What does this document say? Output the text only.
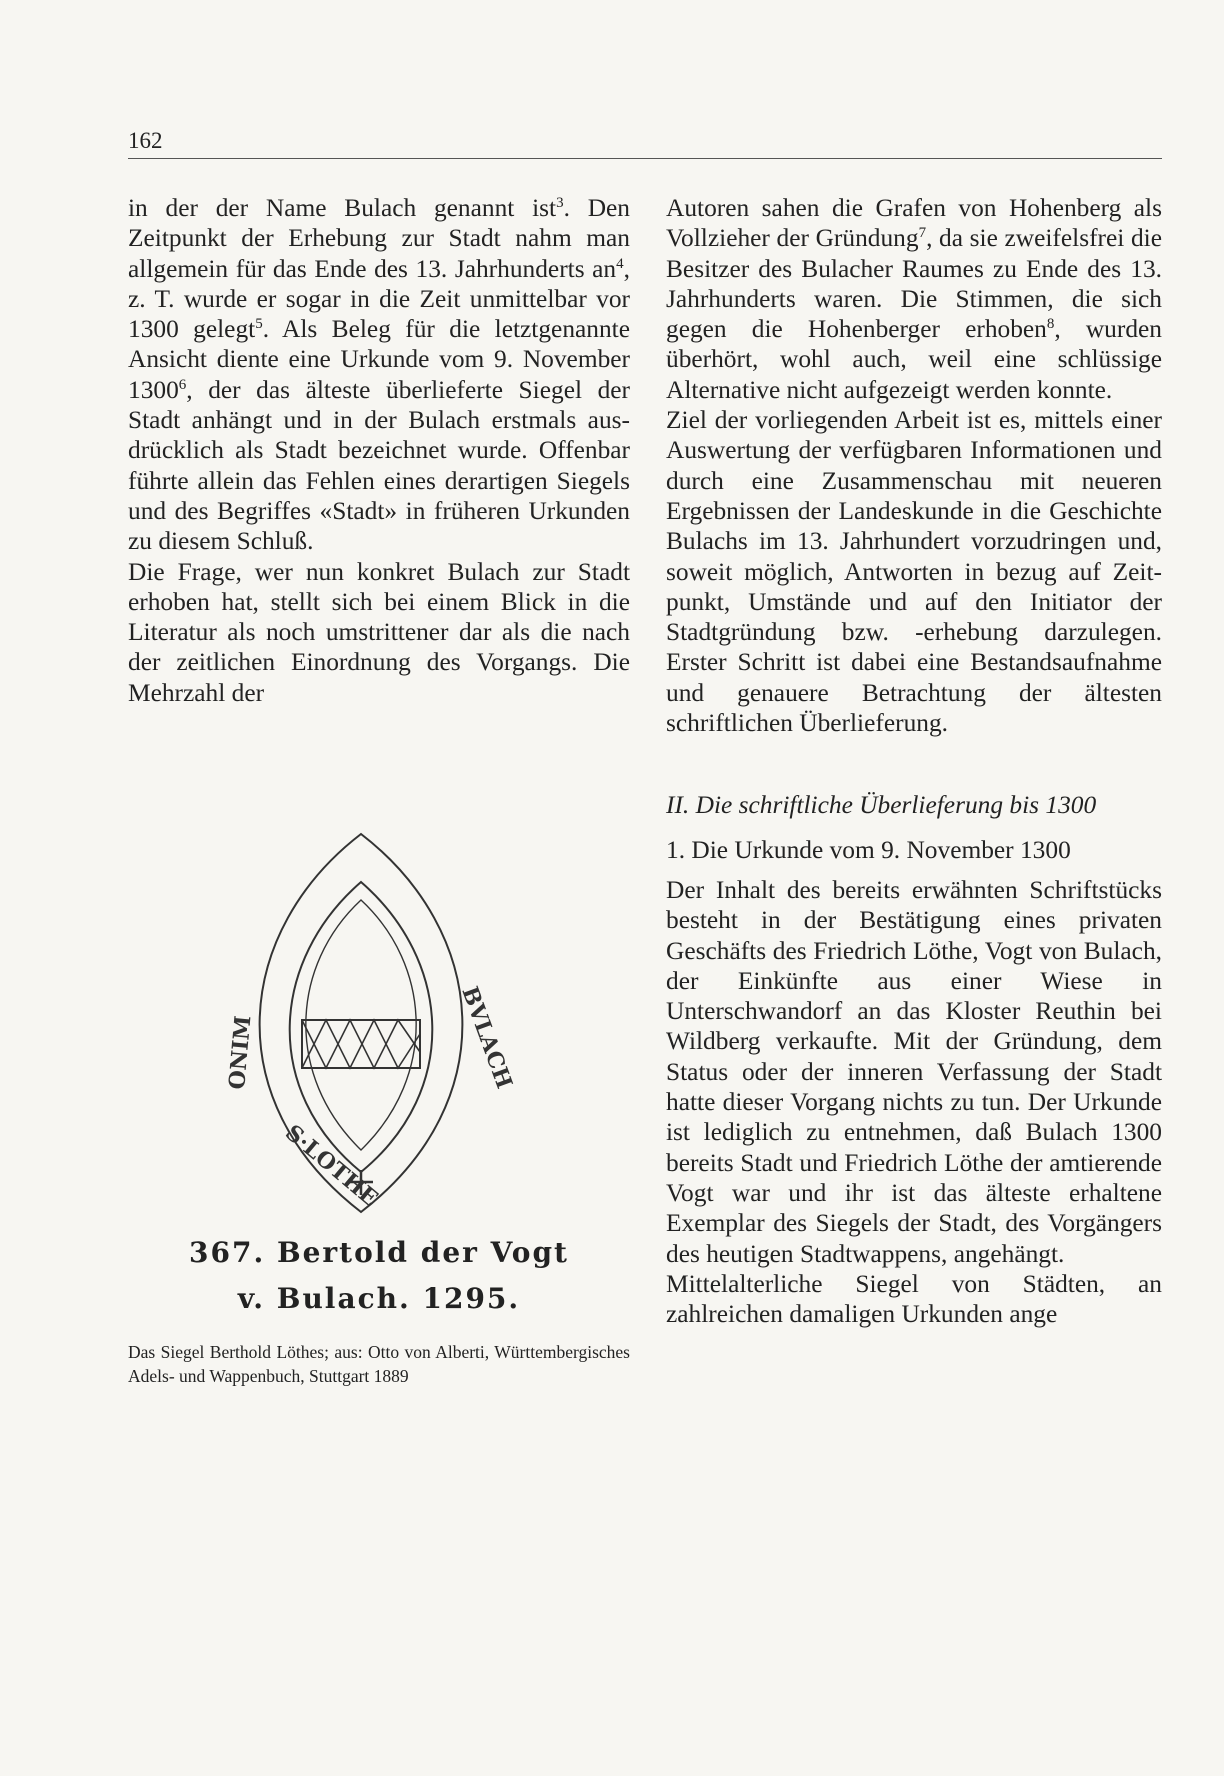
162

in der der Name Bulach genannt ist$^3$. Den Zeitpunkt der Erhebung zur Stadt nahm man allgemein für das Ende des 13. Jahrhunderts $an^4$, z. T. wurde er sogar in die Zeit unmittelbar vor 1300 gelegt$^5$. Als Beleg für die letztgenannte Ansicht diente eine Urkunde vom 9. November 1300$^6$, der das älteste überlieferte Siegel der Stadt anhängt und in der Bulach erstmals ausdrücklich als Stadt bezeichnet wurde. Offenbar führte allein das Fehlen eines derartigen Siegels und des Begriffes «Stadt» in früheren Urkunden zu diesem Schluß.

Die Frage, wer nun konkret Bulach zur Stadt erhoben hat, stellt sich bei einem Blick in die Literatur als noch umstrittener dar als die nach der zeitlichen Einordnung des Vorgangs. Die Mehrzahl der

BVLACH
ONIM
S·LOTHE
367. Bertold der Vogt
v. Bulach. 1295.
Das Siegel Berthold Löthes; aus: Otto von Alberti, Württembergisches Adels- und Wappenbuch, Stuttgart 1889

Autoren sahen die Grafen von Hohenberg als Vollzieher der Gründung$^7$, da sie zweifelsfrei die Besitzer des Bulacher Raumes zu Ende des 13. Jahrhunderts waren. Die Stimmen, die sich gegen die Hohenberger erhoben$^8$, wurden überhört, wohl auch, weil eine schlüssige Alternative nicht aufgezeigt werden konnte.

Ziel der vorliegenden Arbeit ist es, mittels einer Auswertung der verfügbaren Informationen und durch eine Zusammenschau mit neueren Ergebnissen der Landeskunde in die Geschichte Bulachs im 13. Jahrhundert vorzudringen und, soweit möglich, Antworten in bezug auf Zeitpunkt, Umstände und auf den Initiator der Stadtgründung bzw. -erhebung darzulegen. Erster Schritt ist dabei eine Bestandsaufnahme und genauere Betrachtung der ältesten schriftlichen Überlieferung.

II. Die schriftliche Überlieferung bis 1300

1. Die Urkunde vom 9. November 1300

Der Inhalt des bereits erwähnten Schriftstücks besteht in der Bestätigung eines privaten Geschäfts des Friedrich Löthe, Vogt von Bulach, der Einkünfte aus einer Wiese in Unterschwandorf an das Kloster Reuthin bei Wildberg verkaufte. Mit der Gründung, dem Status oder der inneren Verfassung der Stadt hatte dieser Vorgang nichts zu tun. Der Urkunde ist lediglich zu entnehmen, daß Bulach 1300 bereits Stadt und Friedrich Löthe der amtierende Vogt war und ihr ist das älteste erhaltene Exemplar des Siegels der Stadt, des Vorgängers des heutigen Stadtwappens, angehängt.

Mittelalterliche Siegel von Städten, an zahlreichen damaligen Urkunden ange
